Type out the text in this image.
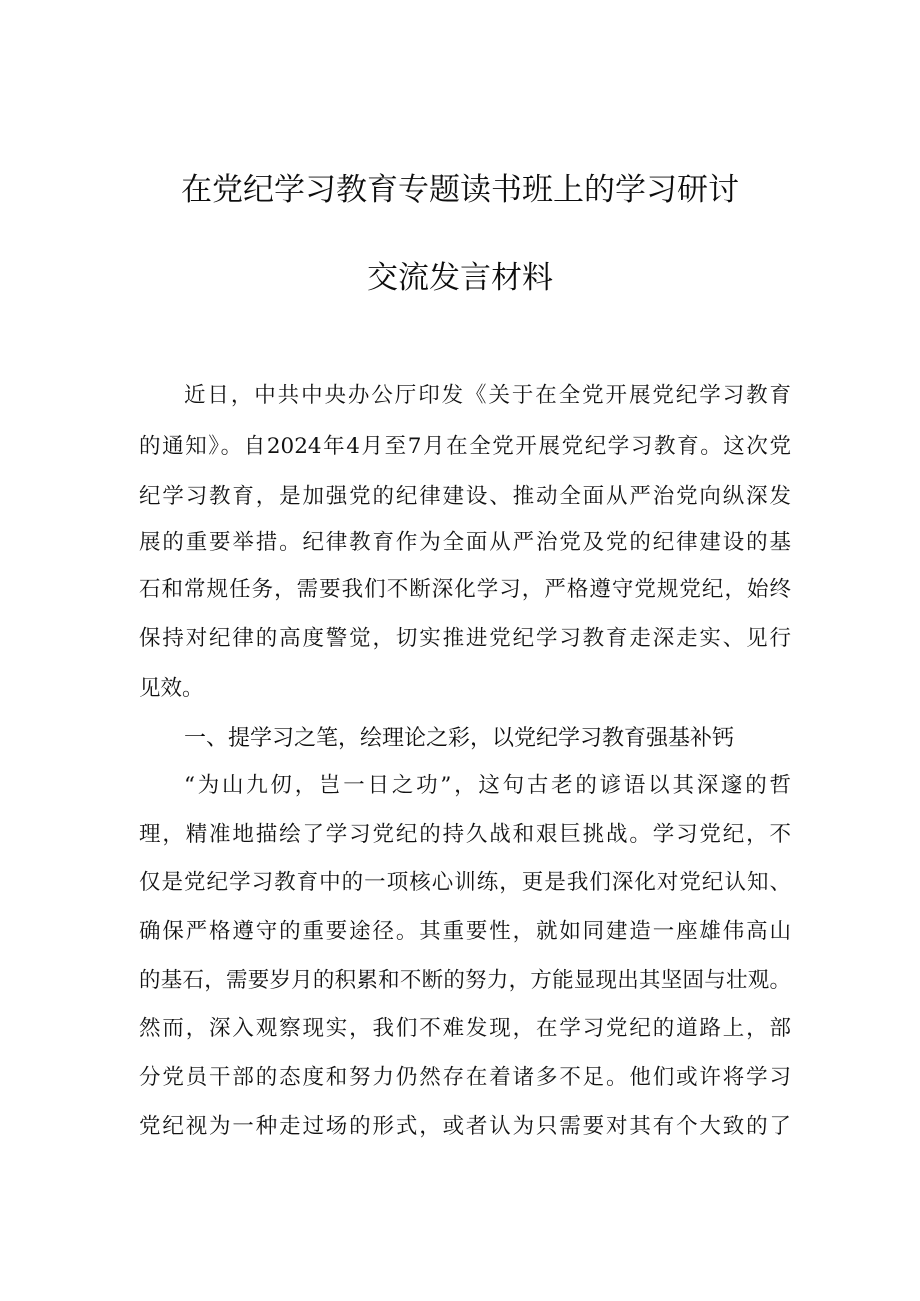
在党纪学习教育专题读书班上的学习研讨
交流发言材料
近日，中共中央办公厅印发《关于在全党开展党纪学习教育
的通知》。自2024年4月至7月在全党开展党纪学习教育。这次党
纪学习教育，是加强党的纪律建设、推动全面从严治党向纵深发
展的重要举措。纪律教育作为全面从严治党及党的纪律建设的基
石和常规任务，需要我们不断深化学习，严格遵守党规党纪，始终
保持对纪律的高度警觉，切实推进党纪学习教育走深走实、见行
见效。
一、提学习之笔，绘理论之彩，以党纪学习教育强基补钙
“为山九仞，岂一日之功”，这句古老的谚语以其深邃的哲
理，精准地描绘了学习党纪的持久战和艰巨挑战。学习党纪，不
仅是党纪学习教育中的一项核心训练，更是我们深化对党纪认知、
确保严格遵守的重要途径。其重要性，就如同建造一座雄伟高山
的基石，需要岁月的积累和不断的努力，方能显现出其坚固与壮观。
然而，深入观察现实，我们不难发现，在学习党纪的道路上，部
分党员干部的态度和努力仍然存在着诸多不足。他们或许将学习
党纪视为一种走过场的形式，或者认为只需要对其有个大致的了
